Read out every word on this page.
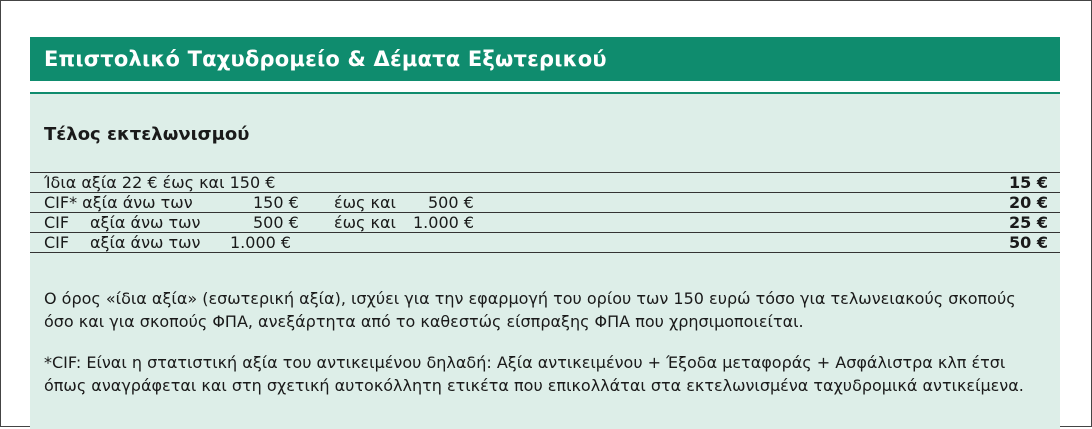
Επιστολικό Ταχυδρομείο & Δέματα Εξωτερικού
Τέλος εκτελωνισμού
Ίδια αξία 22 € έως και 150 €	15 €
CIF* αξία άνω των	150 € έως και 500 €	20 €
CIF αξία άνω των	500 € έως και 1.000 €	25 €
CIF αξία άνω των 1.000 €	50 €
Ο όρος «ίδια αξία» (εσωτερική αξία), ισχύει για την εφαρμογή του ορίου των 150 ευρώ τόσο για τελωνειακούς σκοπούς όσο και για σκοπούς ΦΠΑ, ανεξάρτητα από το καθεστώς είσπραξης ΦΠΑ που χρησιμοποιείται.
*CIF: Είναι η στατιστική αξία του αντικειμένου δηλαδή: Αξία αντικειμένου + Έξοδα μεταφοράς + Ασφάλιστρα κλπ έτσι όπως αναγράφεται και στη σχετική αυτοκόλλητη ετικέτα που επικολλάται στα εκτελωνισμένα ταχυδρομικά αντικείμενα.
